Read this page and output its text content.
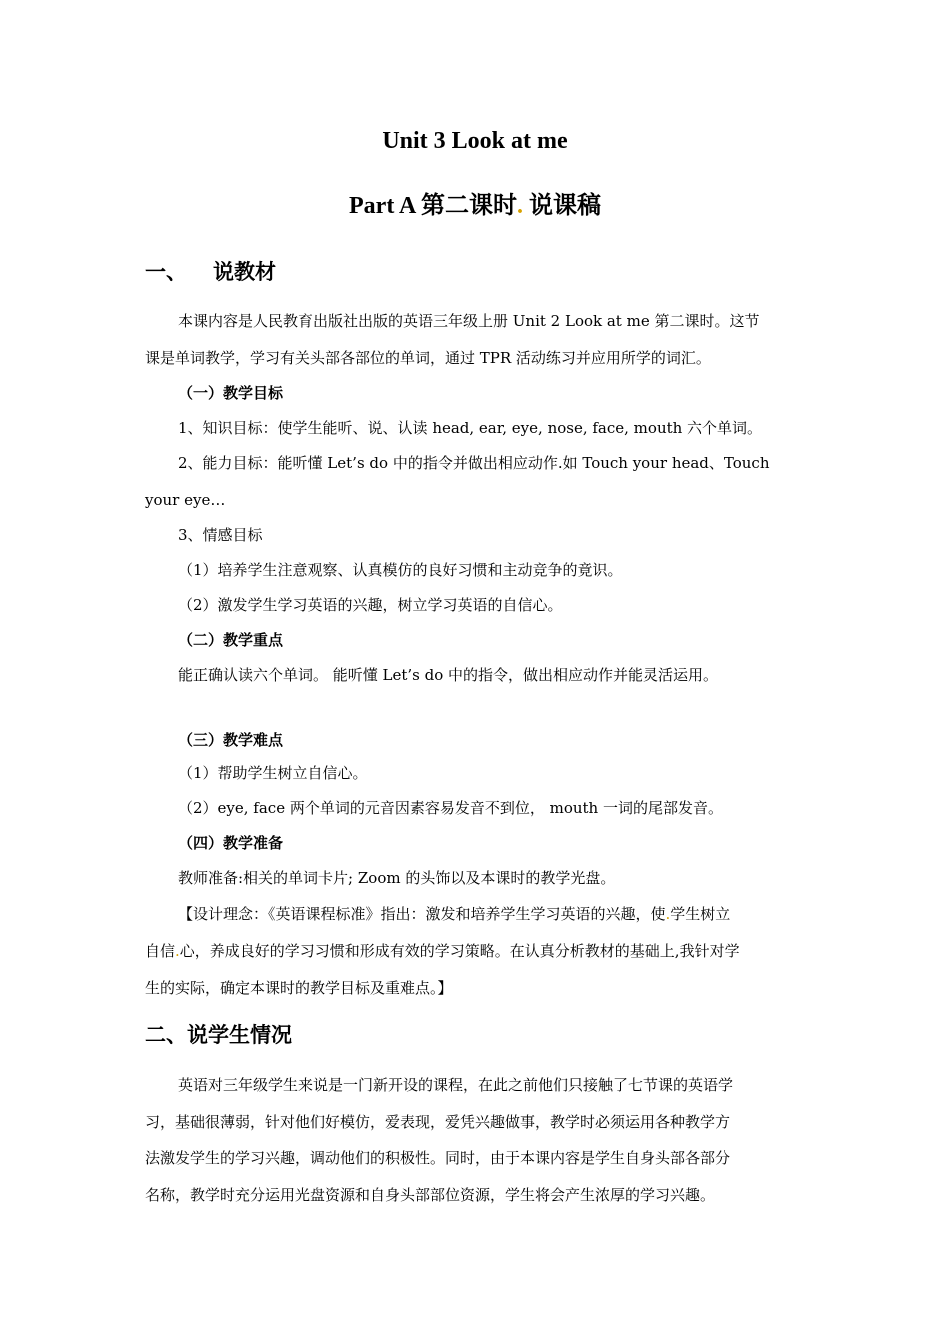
Unit 3 Look at me
Part A 第二课时. 说课稿
一、 说教材
本课内容是人民教育出版社出版的英语三年级上册 Unit 2 Look at me 第二课时。这节
课是单词教学，学习有关头部各部位的单词，通过 TPR 活动练习并应用所学的词汇。
（一）教学目标
1、知识目标：使学生能听、说、认读 head, ear, eye, nose, face, mouth 六个单词。
2、能力目标：能听懂 Let’s do 中的指令并做出相应动作.如 Touch your head、Touch
your eye…
3、情感目标
（1）培养学生注意观察、认真模仿的良好习惯和主动竞争的竟识。
（2）激发学生学习英语的兴趣，树立学习英语的自信心。
（二）教学重点
能正确认读六个单词。 能听懂 Let’s do 中的指令，做出相应动作并能灵活运用。
（三）教学难点
（1）帮助学生树立自信心。
（2）eye, face 两个单词的元音因素容易发音不到位， mouth 一词的尾部发音。
（四）教学准备
教师准备:相关的单词卡片; Zoom 的头饰以及本课时的教学光盘。
【设计理念：《英语课程标准》指出：激发和培养学生学习英语的兴趣，使.学生树立
自信.心，养成良好的学习习惯和形成有效的学习策略。在认真分析教材的基础上,我针对学
生的实际，确定本课时的教学目标及重难点。】
二、说学生情况
英语对三年级学生来说是一门新开设的课程，在此之前他们只接触了七节课的英语学
习，基础很薄弱，针对他们好模仿，爱表现，爱凭兴趣做事，教学时必须运用各种教学方
法激发学生的学习兴趣，调动他们的积极性。同时，由于本课内容是学生自身头部各部分
名称，教学时充分运用光盘资源和自身头部部位资源，学生将会产生浓厚的学习兴趣。
